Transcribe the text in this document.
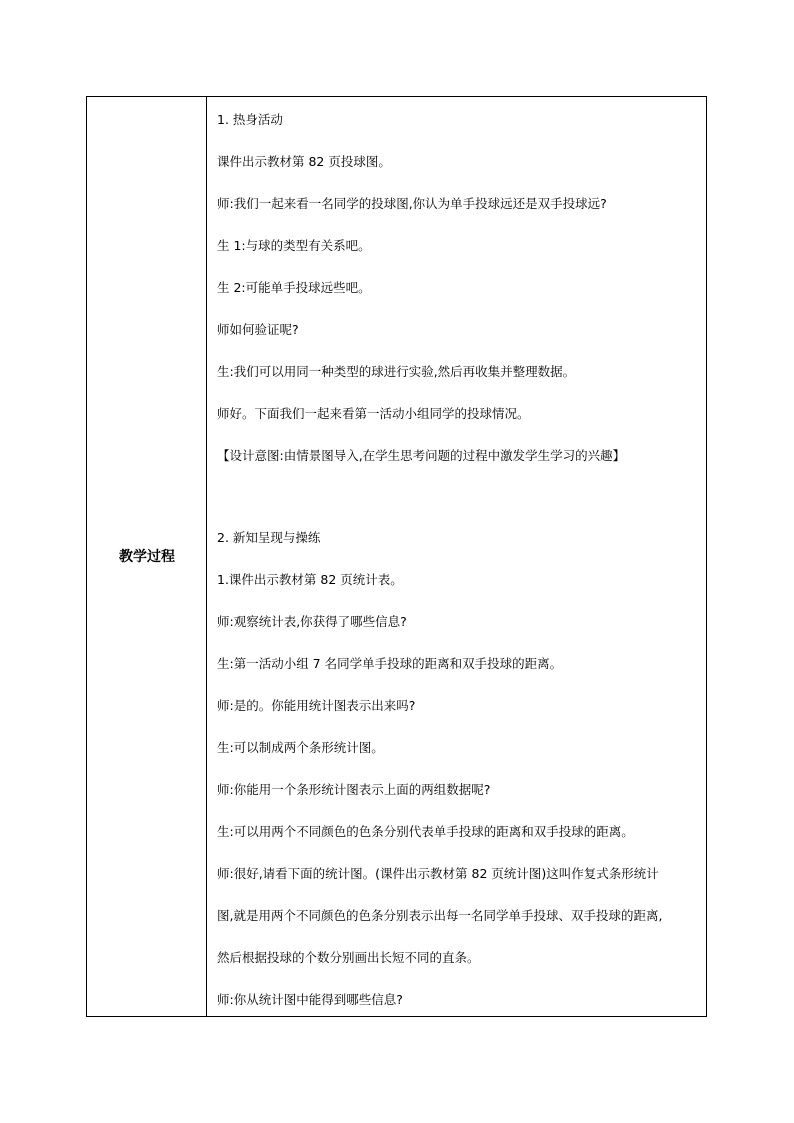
教学过程
1. 热身活动
课件出示教材第 82 页投球图。
师:我们一起来看一名同学的投球图,你认为单手投球远还是双手投球远?
生 1:与球的类型有关系吧。
生 2:可能单手投球远些吧。
师如何验证呢?
生:我们可以用同一种类型的球进行实验,然后再收集并整理数据。
师好。下面我们一起来看第一活动小组同学的投球情况。
【设计意图:由情景图导入,在学生思考问题的过程中激发学生学习的兴趣】
2. 新知呈现与操练
1.课件出示教材第 82 页统计表。
师:观察统计表,你获得了哪些信息?
生:第一活动小组 7 名同学单手投球的距离和双手投球的距离。
师:是的。你能用统计图表示出来吗?
生:可以制成两个条形统计图。
师:你能用一个条形统计图表示上面的两组数据呢?
生:可以用两个不同颜色的色条分别代表单手投球的距离和双手投球的距离。
师:很好,请看下面的统计图。(课件出示教材第 82 页统计图)这叫作复式条形统计
图,就是用两个不同颜色的色条分别表示出每一名同学单手投球、双手投球的距离,
然后根据投球的个数分别画出长短不同的直条。
师:你从统计图中能得到哪些信息?
